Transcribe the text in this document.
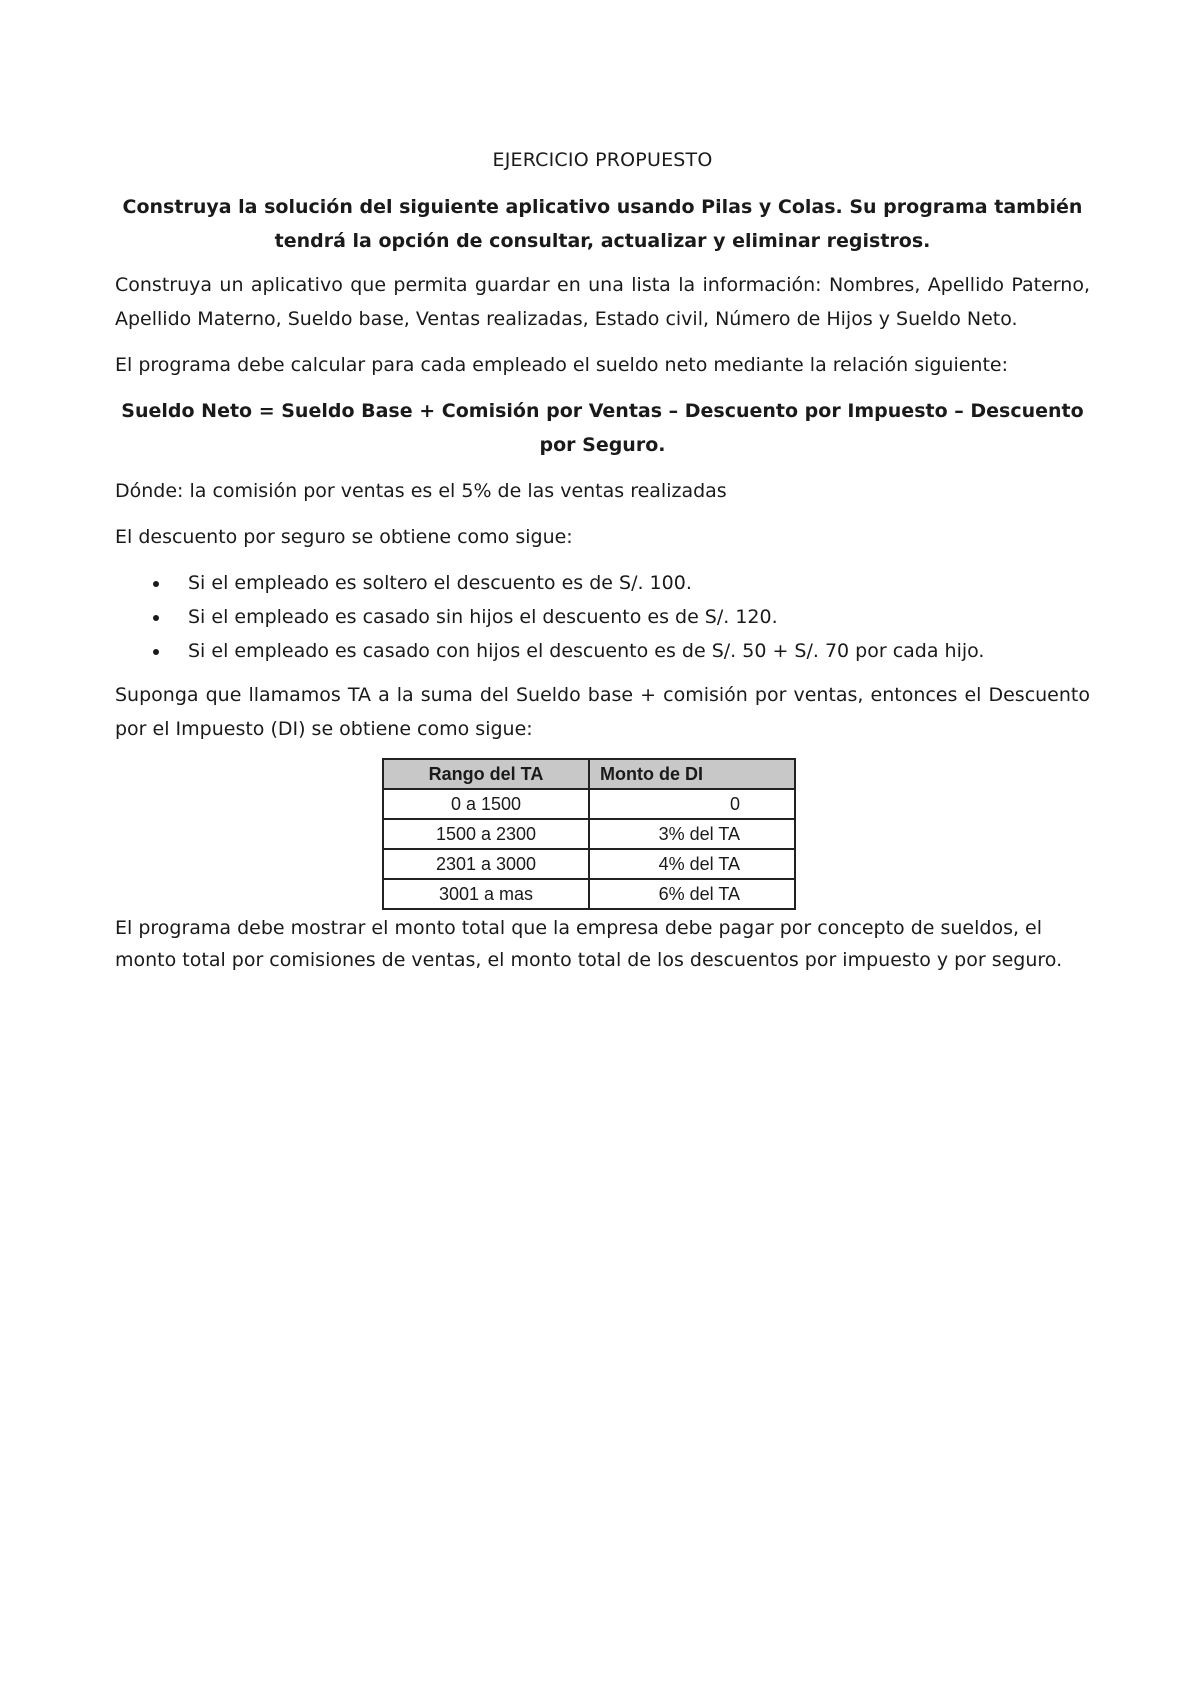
EJERCICIO PROPUESTO
Construya la solución del siguiente aplicativo usando Pilas y Colas. Su programa también tendrá la opción de consultar, actualizar y eliminar registros.
Construya un aplicativo que permita guardar en una lista la información: Nombres, Apellido Paterno, Apellido Materno, Sueldo base, Ventas realizadas, Estado civil, Número de Hijos y Sueldo Neto.
El programa debe calcular para cada empleado el sueldo neto mediante la relación siguiente:
Sueldo Neto = Sueldo Base + Comisión por Ventas – Descuento por Impuesto – Descuento por Seguro.
Dónde: la comisión por ventas es el 5% de las ventas realizadas
El descuento por seguro se obtiene como sigue:
Si el empleado es soltero el descuento es de S/. 100.
Si el empleado es casado sin hijos el descuento es de S/. 120.
Si el empleado es casado con hijos el descuento es de S/. 50 + S/. 70 por cada hijo.
Suponga que llamamos TA a la suma del Sueldo base + comisión por ventas, entonces el Descuento por el Impuesto (DI) se obtiene como sigue:
Rango del TA	Monto de DI
0 a 1500	0
1500 a 2300	3% del TA
2301 a 3000	4% del TA
3001 a mas	6% del TA
El programa debe mostrar el monto total que la empresa debe pagar por concepto de sueldos, el monto total por comisiones de ventas, el monto total de los descuentos por impuesto y por seguro.
